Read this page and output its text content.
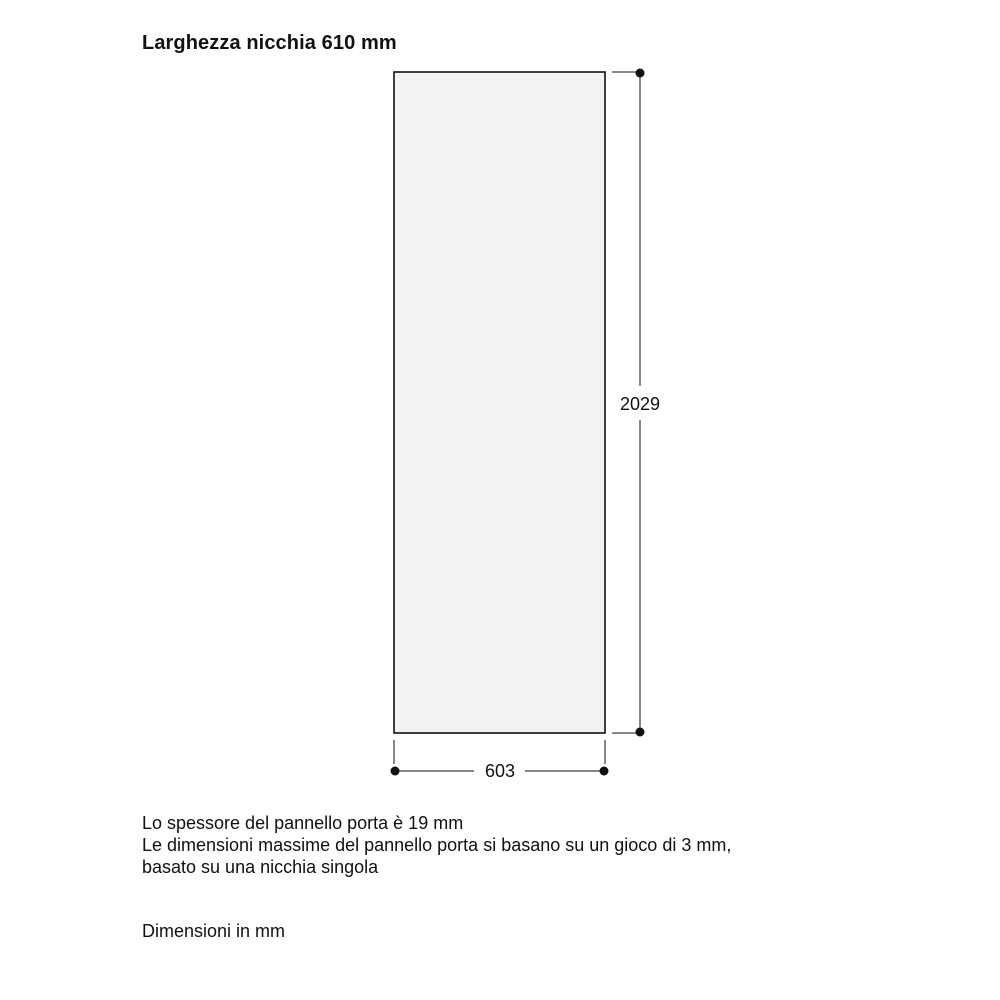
Larghezza nicchia 610 mm
2029
603
Lo spessore del pannello porta è 19 mm
Le dimensioni massime del pannello porta si basano su un gioco di 3 mm,
basato su una nicchia singola
Dimensioni in mm
